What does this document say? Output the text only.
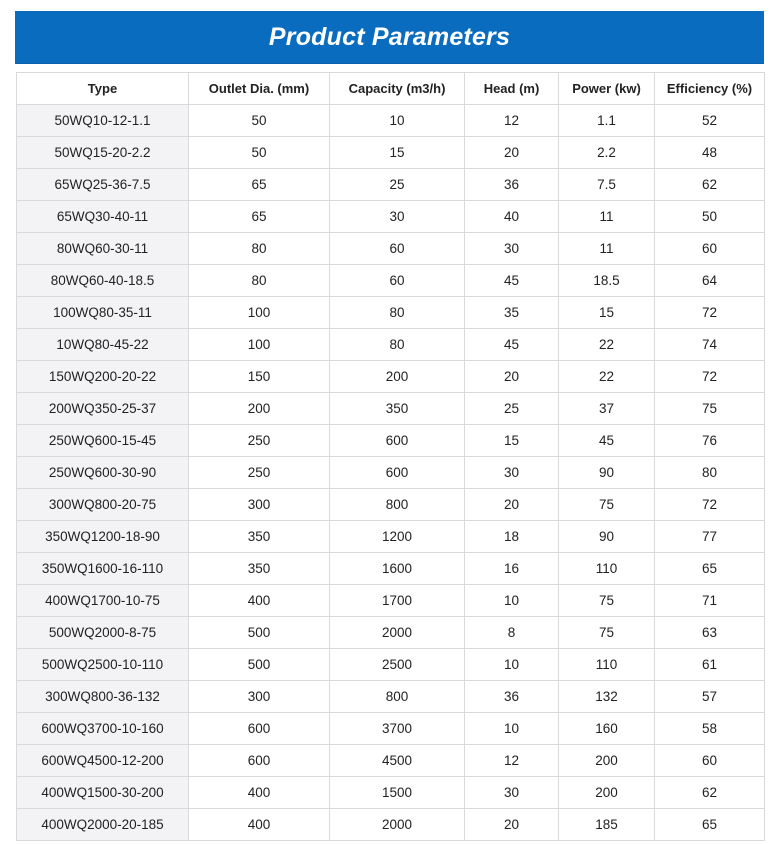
Product Parameters
Type	Outlet Dia. (mm)	Capacity (m3/h)	Head (m)	Power (kw)	Efficiency (%)
50WQ10-12-1.1	50	10	12	1.1	52
50WQ15-20-2.2	50	15	20	2.2	48
65WQ25-36-7.5	65	25	36	7.5	62
65WQ30-40-11	65	30	40	11	50
80WQ60-30-11	80	60	30	11	60
80WQ60-40-18.5	80	60	45	18.5	64
100WQ80-35-11	100	80	35	15	72
10WQ80-45-22	100	80	45	22	74
150WQ200-20-22	150	200	20	22	72
200WQ350-25-37	200	350	25	37	75
250WQ600-15-45	250	600	15	45	76
250WQ600-30-90	250	600	30	90	80
300WQ800-20-75	300	800	20	75	72
350WQ1200-18-90	350	1200	18	90	77
350WQ1600-16-110	350	1600	16	110	65
400WQ1700-10-75	400	1700	10	75	71
500WQ2000-8-75	500	2000	8	75	63
500WQ2500-10-110	500	2500	10	110	61
300WQ800-36-132	300	800	36	132	57
600WQ3700-10-160	600	3700	10	160	58
600WQ4500-12-200	600	4500	12	200	60
400WQ1500-30-200	400	1500	30	200	62
400WQ2000-20-185	400	2000	20	185	65
